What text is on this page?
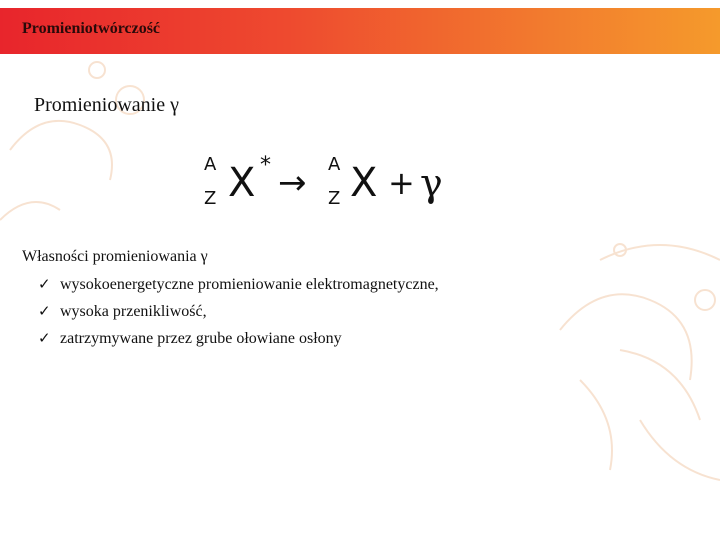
Promieniotwórczość
Promieniowanie γ
A
Z X * → A
Z X + γ
Własności promieniowania γ
✓ wysokoenergetyczne promieniowanie elektromagnetyczne,
✓ wysoka przenikliwość,
✓ zatrzymywane przez grube ołowiane osłony
